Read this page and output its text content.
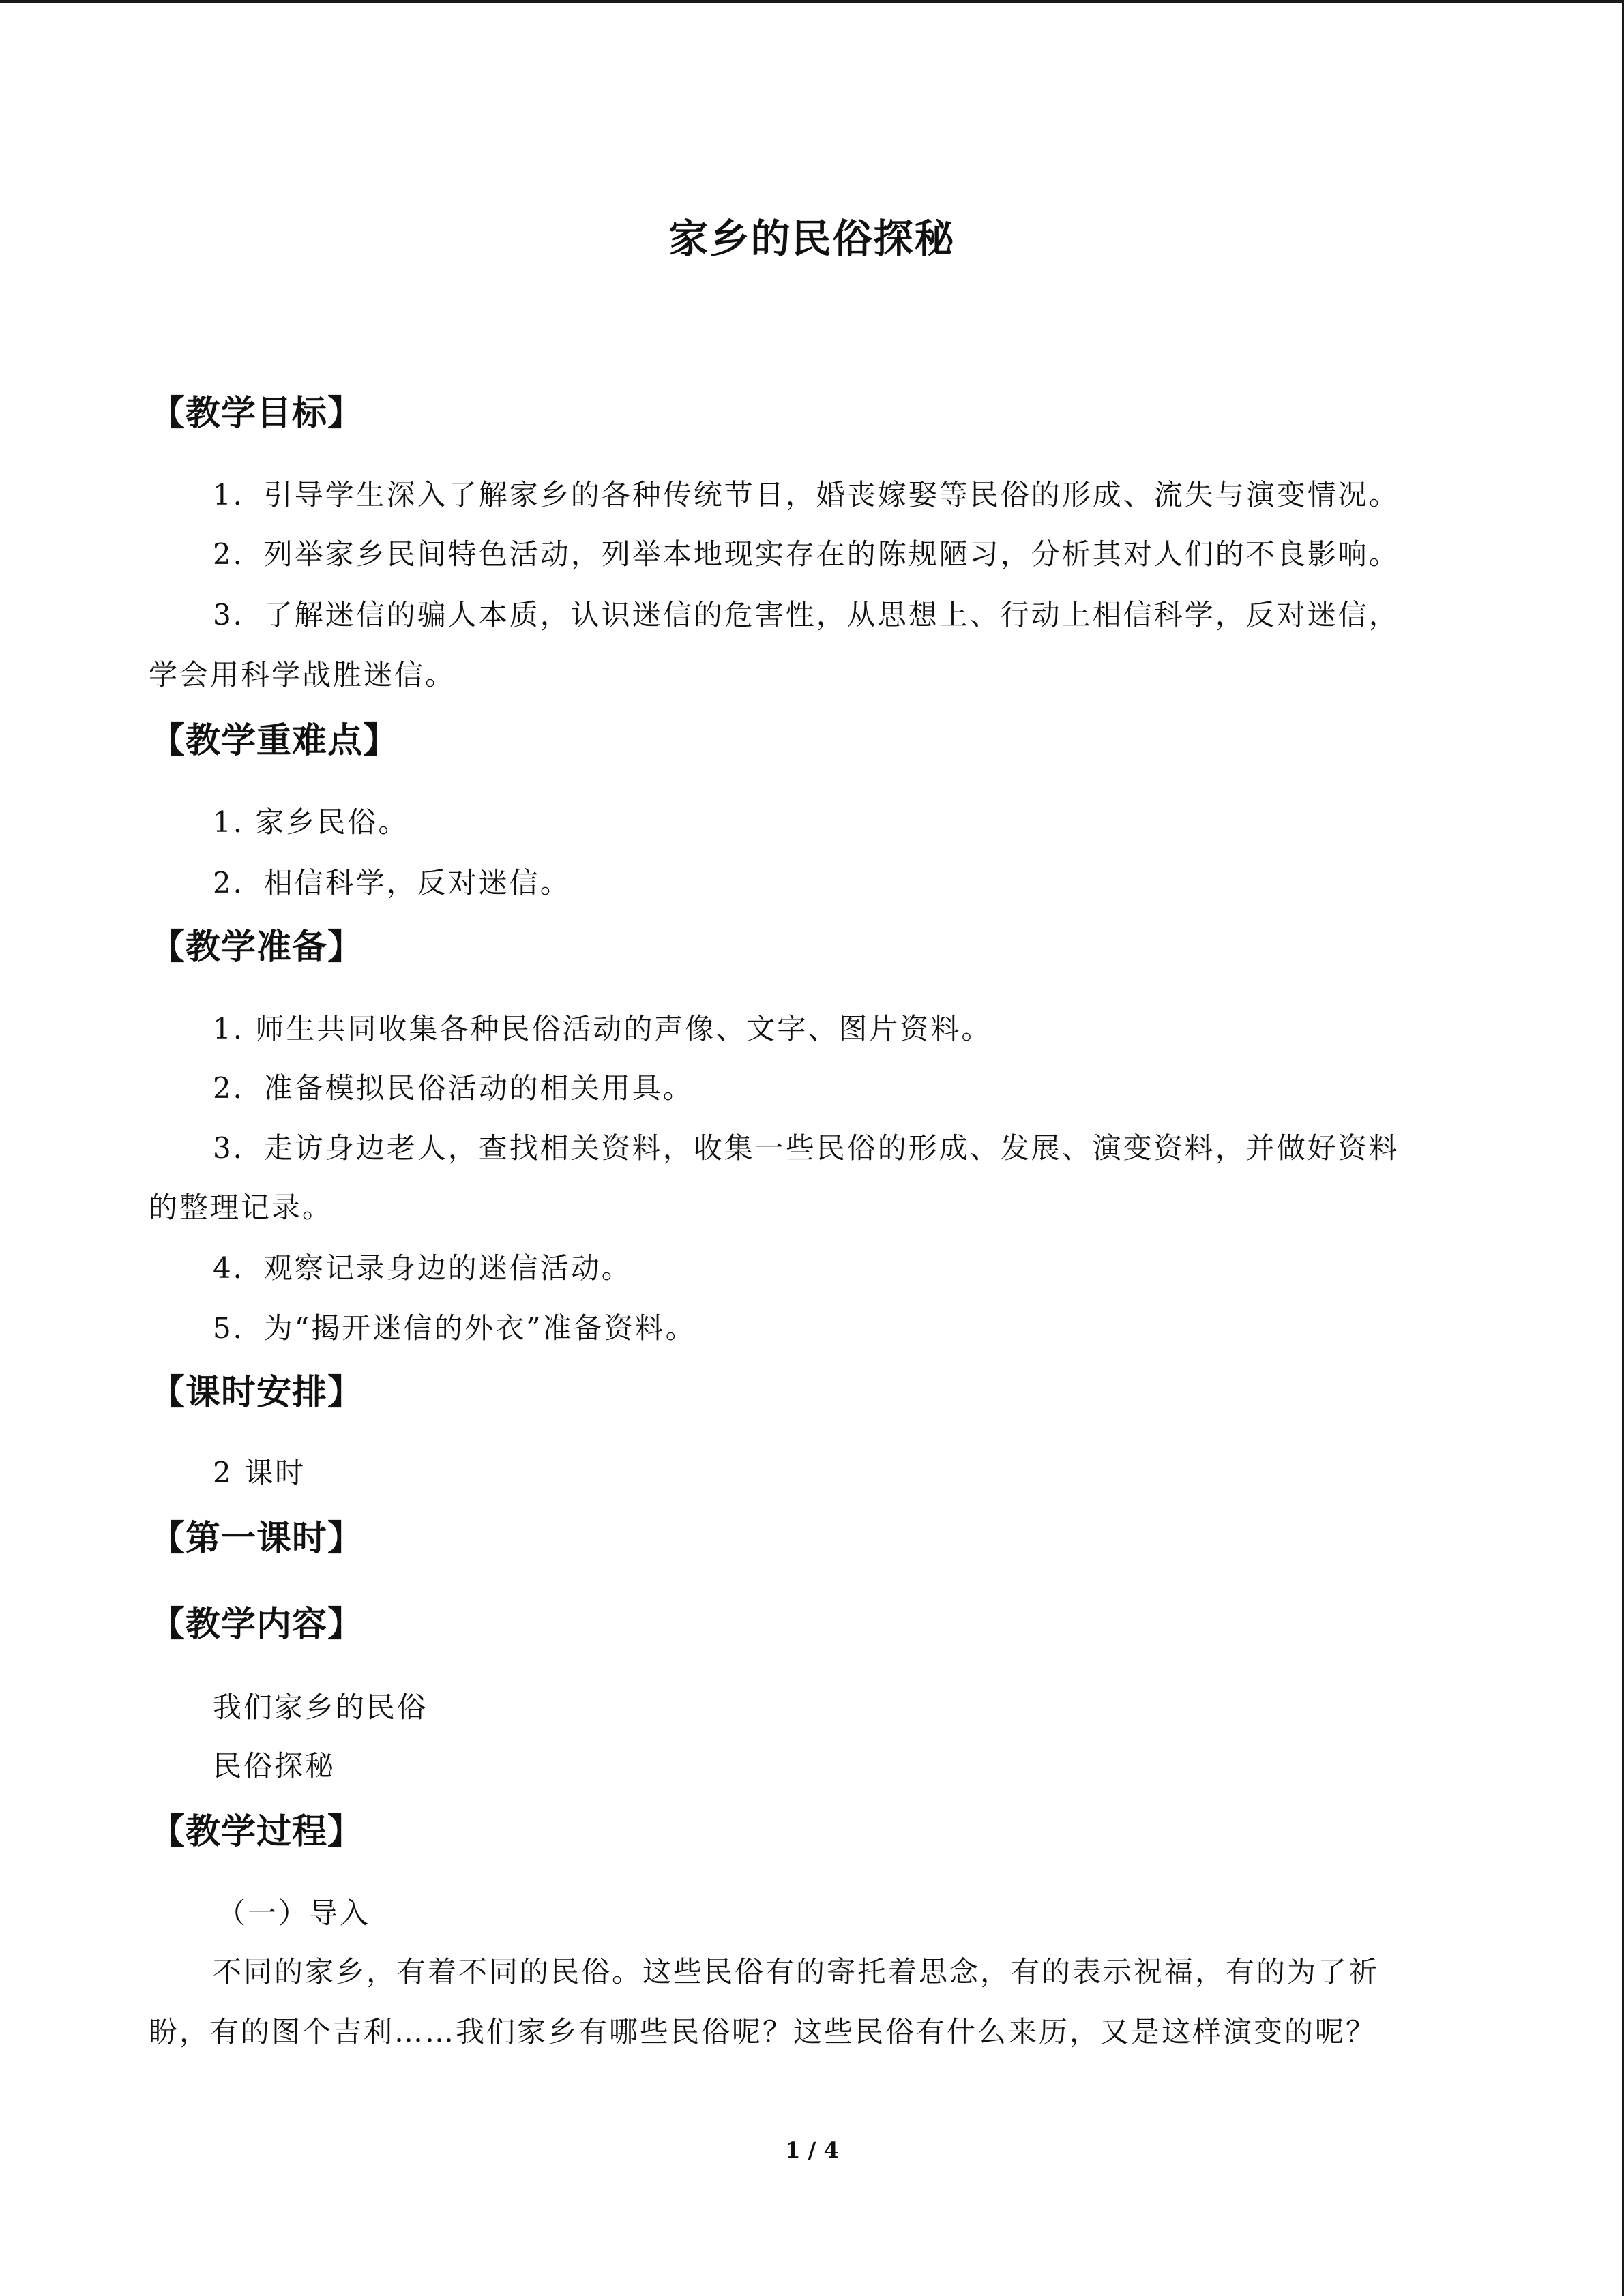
家乡的民俗探秘
【教学目标】
1．引导学生深入了解家乡的各种传统节日，婚丧嫁娶等民俗的形成、流失与演变情况。
2．列举家乡民间特色活动，列举本地现实存在的陈规陋习，分析其对人们的不良影响。
3．了解迷信的骗人本质，认识迷信的危害性，从思想上、行动上相信科学，反对迷信，
学会用科学战胜迷信。
【教学重难点】
1. 家乡民俗。
2．相信科学，反对迷信。
【教学准备】
1. 师生共同收集各种民俗活动的声像、文字、图片资料。
2．准备模拟民俗活动的相关用具。
3．走访身边老人，查找相关资料，收集一些民俗的形成、发展、演变资料，并做好资料
的整理记录。
4．观察记录身边的迷信活动。
5．为“揭开迷信的外衣”准备资料。
【课时安排】
2 课时
【第一课时】
【教学内容】
我们家乡的民俗
民俗探秘
【教学过程】
（一）导入
不同的家乡，有着不同的民俗。这些民俗有的寄托着思念，有的表示祝福，有的为了祈
盼，有的图个吉利……我们家乡有哪些民俗呢？这些民俗有什么来历，又是这样演变的呢？
1 / 4
